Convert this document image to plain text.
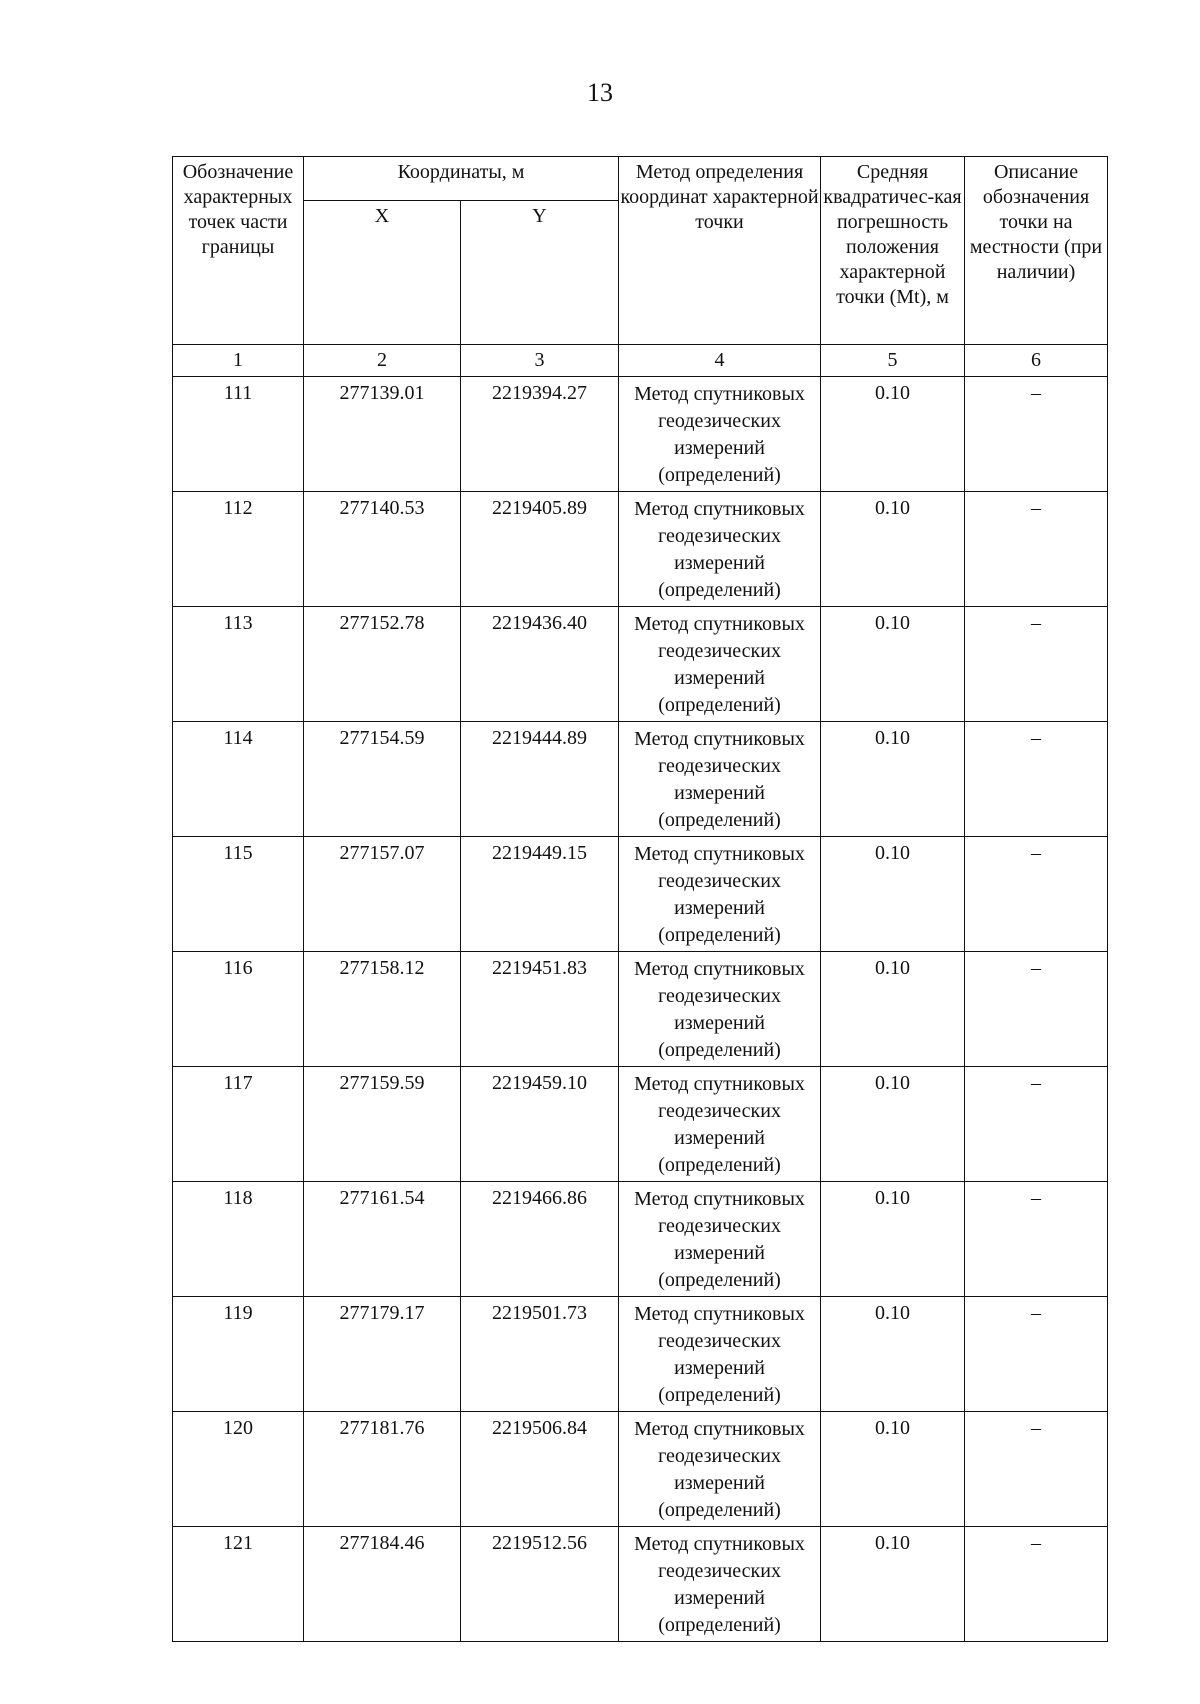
13
Обозначение характерных точек части границы	Координаты, м		Метод определения координат характерной точки	Средняя квадратичес-кая погрешность положения характерной точки (Mt), м	Описание обозначения точки на местности (при наличии)
	X	Y			
1	2	3	4	5	6
111	277139.01	2219394.27	Метод спутниковых геодезических измерений (определений)	0.10	–
112	277140.53	2219405.89	Метод спутниковых геодезических измерений (определений)	0.10	–
113	277152.78	2219436.40	Метод спутниковых геодезических измерений (определений)	0.10	–
114	277154.59	2219444.89	Метод спутниковых геодезических измерений (определений)	0.10	–
115	277157.07	2219449.15	Метод спутниковых геодезических измерений (определений)	0.10	–
116	277158.12	2219451.83	Метод спутниковых геодезических измерений (определений)	0.10	–
117	277159.59	2219459.10	Метод спутниковых геодезических измерений (определений)	0.10	–
118	277161.54	2219466.86	Метод спутниковых геодезических измерений (определений)	0.10	–
119	277179.17	2219501.73	Метод спутниковых геодезических измерений (определений)	0.10	–
120	277181.76	2219506.84	Метод спутниковых геодезических измерений (определений)	0.10	–
121	277184.46	2219512.56	Метод спутниковых геодезических измерений (определений)	0.10	–
